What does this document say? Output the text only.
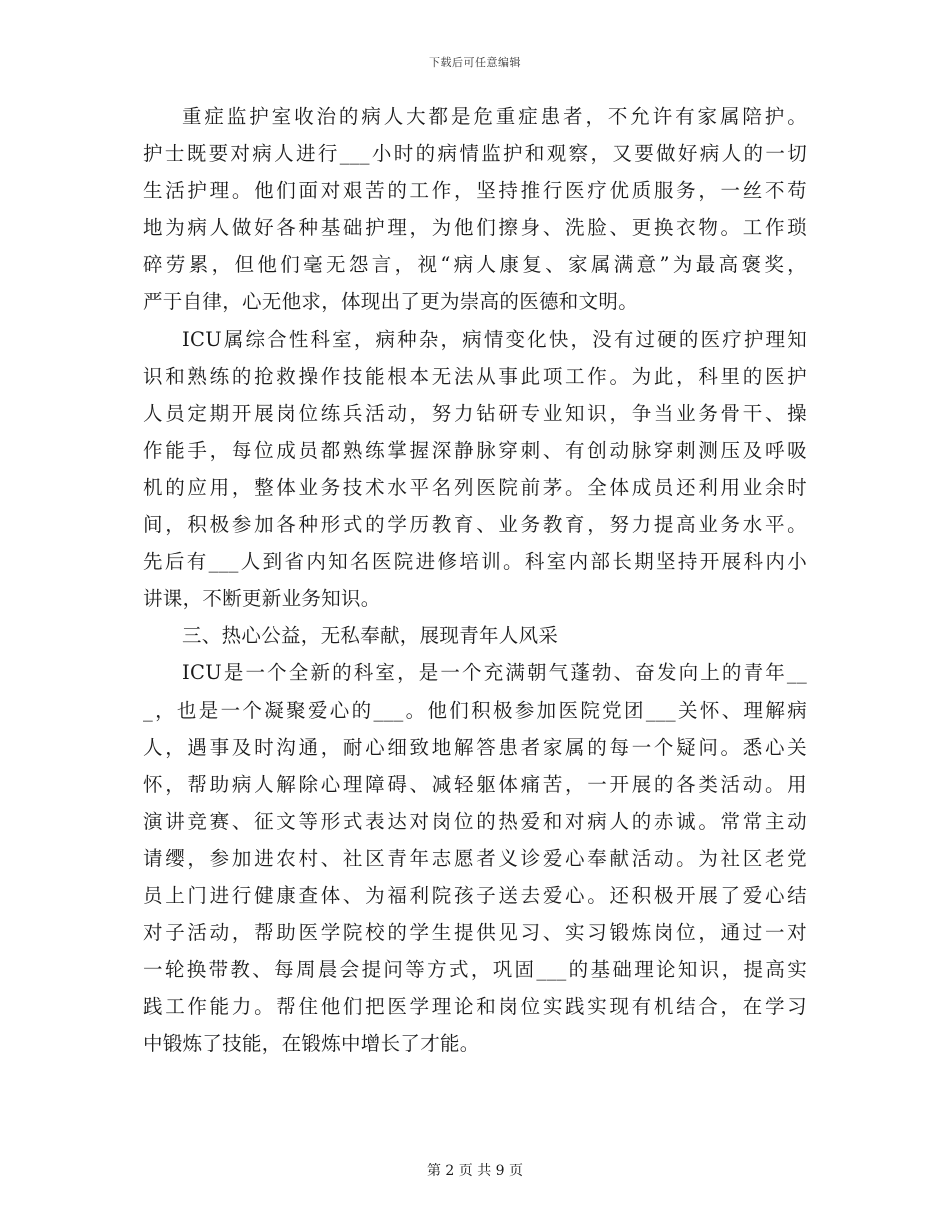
下载后可任意编辑
重症监护室收治的病人大都是危重症患者，不允许有家属陪护。
护士既要对病人进行___小时的病情监护和观察，又要做好病人的一切
生活护理。他们面对艰苦的工作，坚持推行医疗优质服务，一丝不苟
地为病人做好各种基础护理，为他们擦身、洗脸、更换衣物。工作琐
碎劳累，但他们毫无怨言，视“病人康复、家属满意”为最高褒奖，
严于自律，心无他求，体现出了更为崇高的医德和文明。
ICU属综合性科室，病种杂，病情变化快，没有过硬的医疗护理知
识和熟练的抢救操作技能根本无法从事此项工作。为此，科里的医护
人员定期开展岗位练兵活动，努力钻研专业知识，争当业务骨干、操
作能手，每位成员都熟练掌握深静脉穿刺、有创动脉穿刺测压及呼吸
机的应用，整体业务技术水平名列医院前茅。全体成员还利用业余时
间，积极参加各种形式的学历教育、业务教育，努力提高业务水平。
先后有___人到省内知名医院进修培训。科室内部长期坚持开展科内小
讲课，不断更新业务知识。
三、热心公益，无私奉献，展现青年人风采
ICU是一个全新的科室，是一个充满朝气蓬勃、奋发向上的青年__
_，也是一个凝聚爱心的___。他们积极参加医院党团___关怀、理解病
人，遇事及时沟通，耐心细致地解答患者家属的每一个疑问。悉心关
怀，帮助病人解除心理障碍、减轻躯体痛苦，一开展的各类活动。用
演讲竞赛、征文等形式表达对岗位的热爱和对病人的赤诚。常常主动
请缨，参加进农村、社区青年志愿者义诊爱心奉献活动。为社区老党
员上门进行健康查体、为福利院孩子送去爱心。还积极开展了爱心结
对子活动，帮助医学院校的学生提供见习、实习锻炼岗位，通过一对
一轮换带教、每周晨会提问等方式，巩固___的基础理论知识，提高实
践工作能力。帮住他们把医学理论和岗位实践实现有机结合，在学习
中锻炼了技能，在锻炼中增长了才能。
第 2 页 共 9 页
